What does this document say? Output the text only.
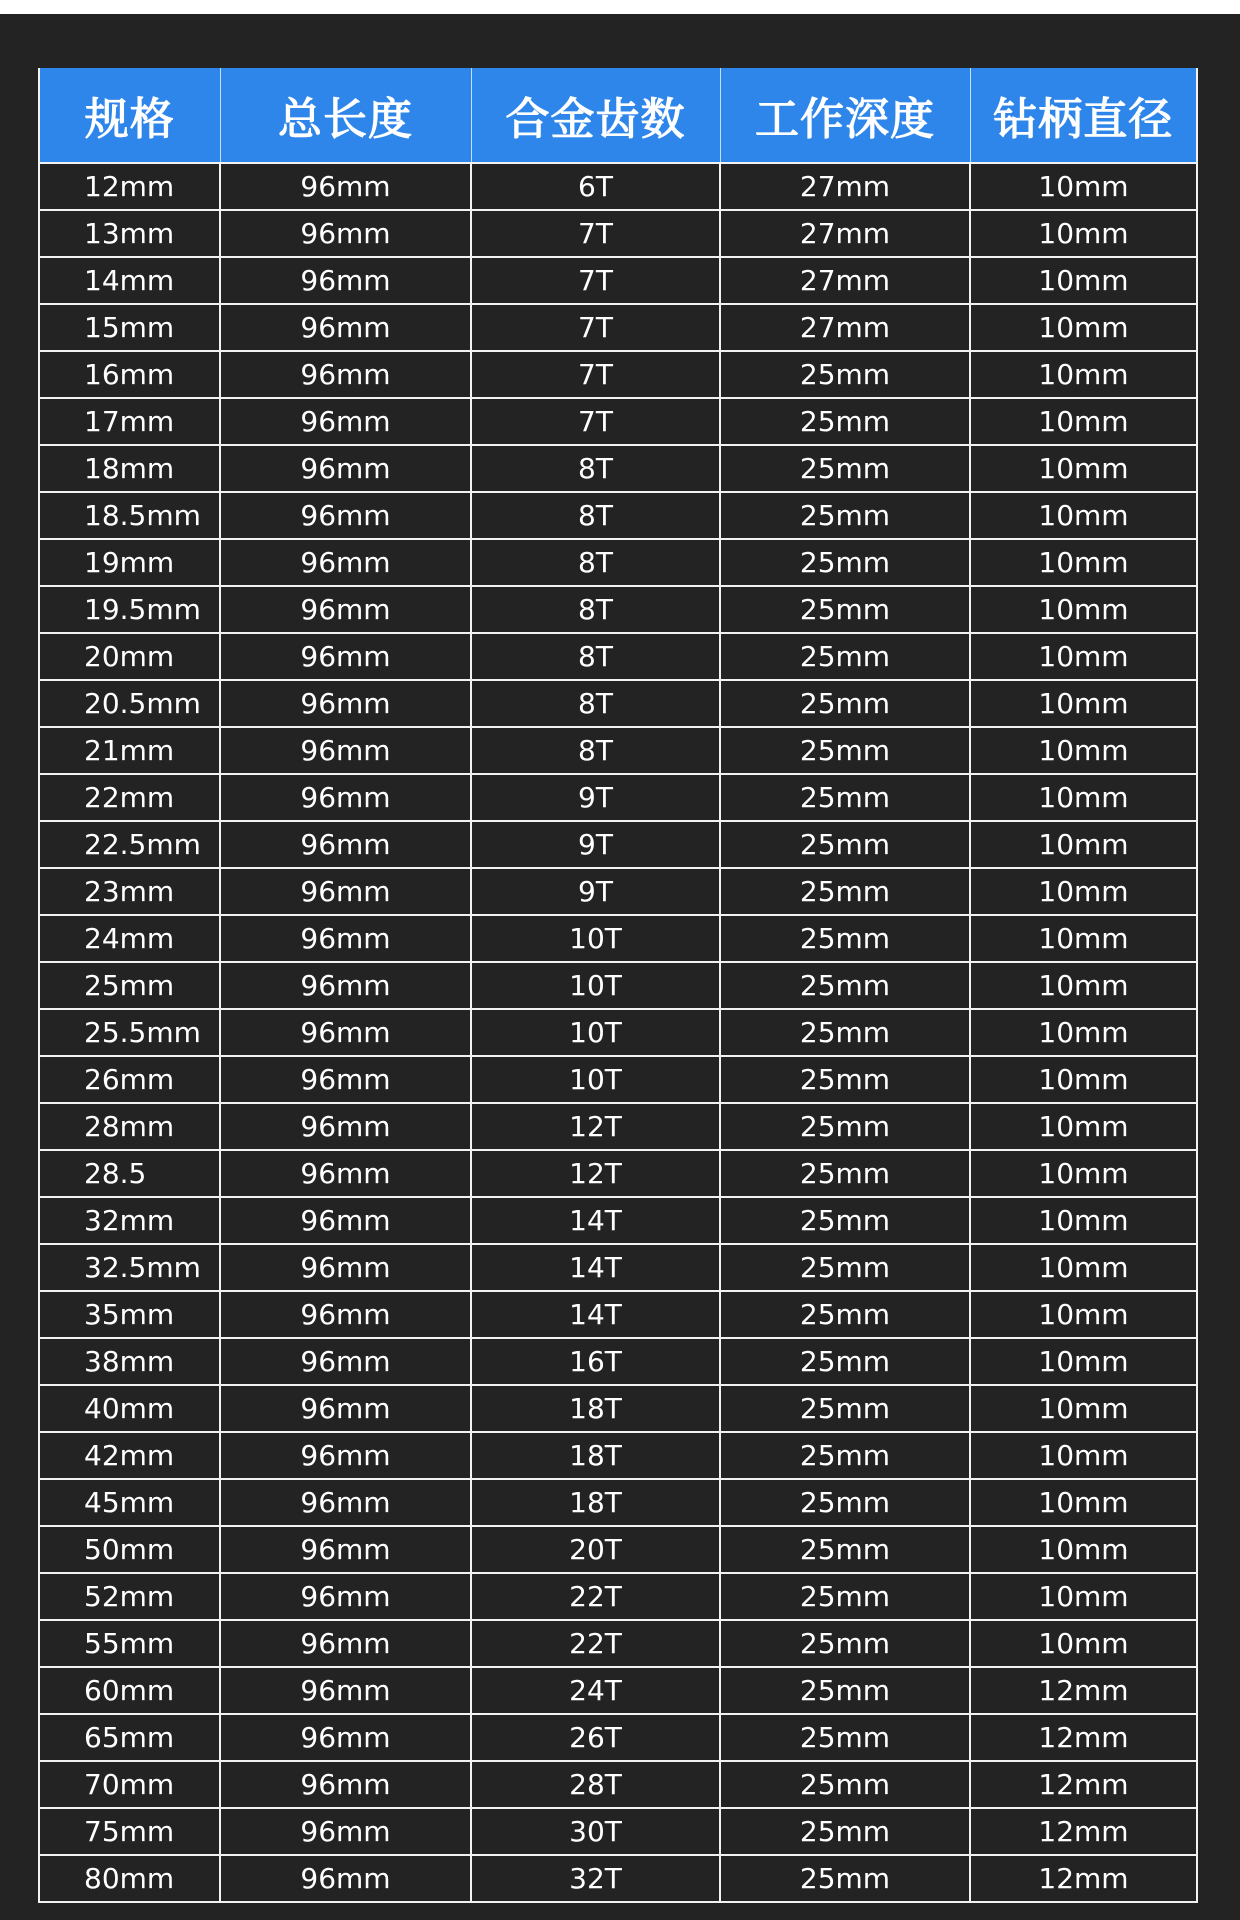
规格	总长度	合金齿数	工作深度	钻柄直径
12mm	96mm	6T	27mm	10mm
13mm	96mm	7T	27mm	10mm
14mm	96mm	7T	27mm	10mm
15mm	96mm	7T	27mm	10mm
16mm	96mm	7T	25mm	10mm
17mm	96mm	7T	25mm	10mm
18mm	96mm	8T	25mm	10mm
18.5mm	96mm	8T	25mm	10mm
19mm	96mm	8T	25mm	10mm
19.5mm	96mm	8T	25mm	10mm
20mm	96mm	8T	25mm	10mm
20.5mm	96mm	8T	25mm	10mm
21mm	96mm	8T	25mm	10mm
22mm	96mm	9T	25mm	10mm
22.5mm	96mm	9T	25mm	10mm
23mm	96mm	9T	25mm	10mm
24mm	96mm	10T	25mm	10mm
25mm	96mm	10T	25mm	10mm
25.5mm	96mm	10T	25mm	10mm
26mm	96mm	10T	25mm	10mm
28mm	96mm	12T	25mm	10mm
28.5	96mm	12T	25mm	10mm
32mm	96mm	14T	25mm	10mm
32.5mm	96mm	14T	25mm	10mm
35mm	96mm	14T	25mm	10mm
38mm	96mm	16T	25mm	10mm
40mm	96mm	18T	25mm	10mm
42mm	96mm	18T	25mm	10mm
45mm	96mm	18T	25mm	10mm
50mm	96mm	20T	25mm	10mm
52mm	96mm	22T	25mm	10mm
55mm	96mm	22T	25mm	10mm
60mm	96mm	24T	25mm	12mm
65mm	96mm	26T	25mm	12mm
70mm	96mm	28T	25mm	12mm
75mm	96mm	30T	25mm	12mm
80mm	96mm	32T	25mm	12mm
